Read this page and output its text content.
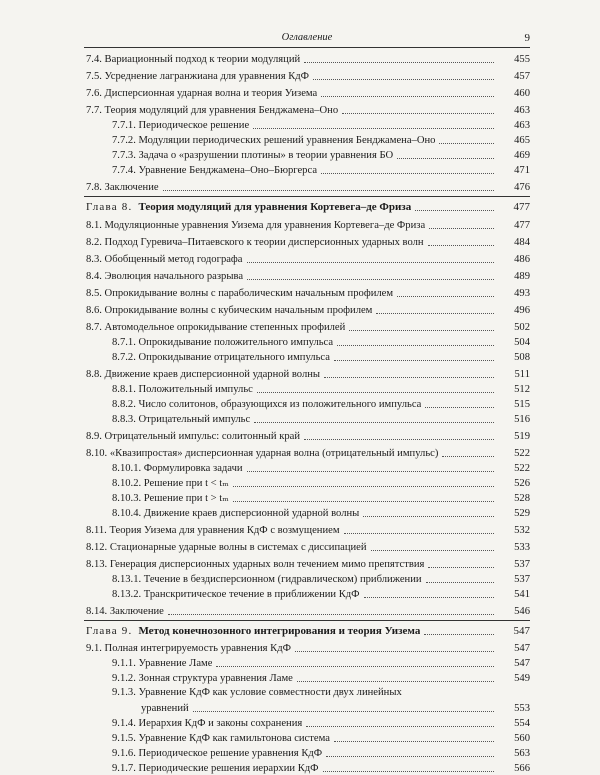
Оглавление	9
7.4. Вариационный подход к теории модуляций	455
7.5. Усреднение лагранжиана для уравнения КдФ	457
7.6. Дисперсионная ударная волна и теория Уизема	460
7.7. Теория модуляций для уравнения Бенджамена–Оно	463
7.7.1. Периодическое решение	463
7.7.2. Модуляции периодических решений уравнения Бенджамена–Оно	465
7.7.3. Задача о «разрушении плотины» в теории уравнения БО	469
7.7.4. Уравнение Бенджамена–Оно–Бюргерса	471
7.8. Заключение	476
Глава 8. Теория модуляций для уравнения Кортевега–де Фриза	477
8.1. Модуляционные уравнения Уизема для уравнения Кортевега–де Фриза	477
8.2. Подход Гуревича–Питаевского к теории дисперсионных ударных волн	484
8.3. Обобщенный метод годографа	486
8.4. Эволюция начального разрыва	489
8.5. Опрокидывание волны с параболическим начальным профилем	493
8.6. Опрокидывание волны с кубическим начальным профилем	496
8.7. Автомодельное опрокидывание степенных профилей	502
8.7.1. Опрокидывание положительного импульса	504
8.7.2. Опрокидывание отрицательного импульса	508
8.8. Движение краев дисперсионной ударной волны	511
8.8.1. Положительный импульс	512
8.8.2. Число солитонов, образующихся из положительного импульса	515
8.8.3. Отрицательный импульс	516
8.9. Отрицательный импульс: солитонный край	519
8.10. «Квазипростая» дисперсионная ударная волна (отрицательный импульс)	522
8.10.1. Формулировка задачи	522
8.10.2. Решение при t < tₘ	526
8.10.3. Решение при t > tₘ	528
8.10.4. Движение краев дисперсионной ударной волны	529
8.11. Теория Уизема для уравнения КдФ с возмущением	532
8.12. Стационарные ударные волны в системах с диссипацией	533
8.13. Генерация дисперсионных ударных волн течением мимо препятствия	537
8.13.1. Течение в бездисперсионном (гидравлическом) приближении	537
8.13.2. Транскритическое течение в приближении КдФ	541
8.14. Заключение	546
Глава 9. Метод конечнозонного интегрирования и теория Уизема	547
9.1. Полная интегрируемость уравнения КдФ	547
9.1.1. Уравнение Ламе	547
9.1.2. Зонная структура уравнения Ламе	549
9.1.3. Уравнение КдФ как условие совместности двух линейных
уравнений	553
9.1.4. Иерархия КдФ и законы сохранения	554
9.1.5. Уравнение КдФ как гамильтонова система	560
9.1.6. Периодическое решение уравнения КдФ	563
9.1.7. Периодические решения иерархии КдФ	566
